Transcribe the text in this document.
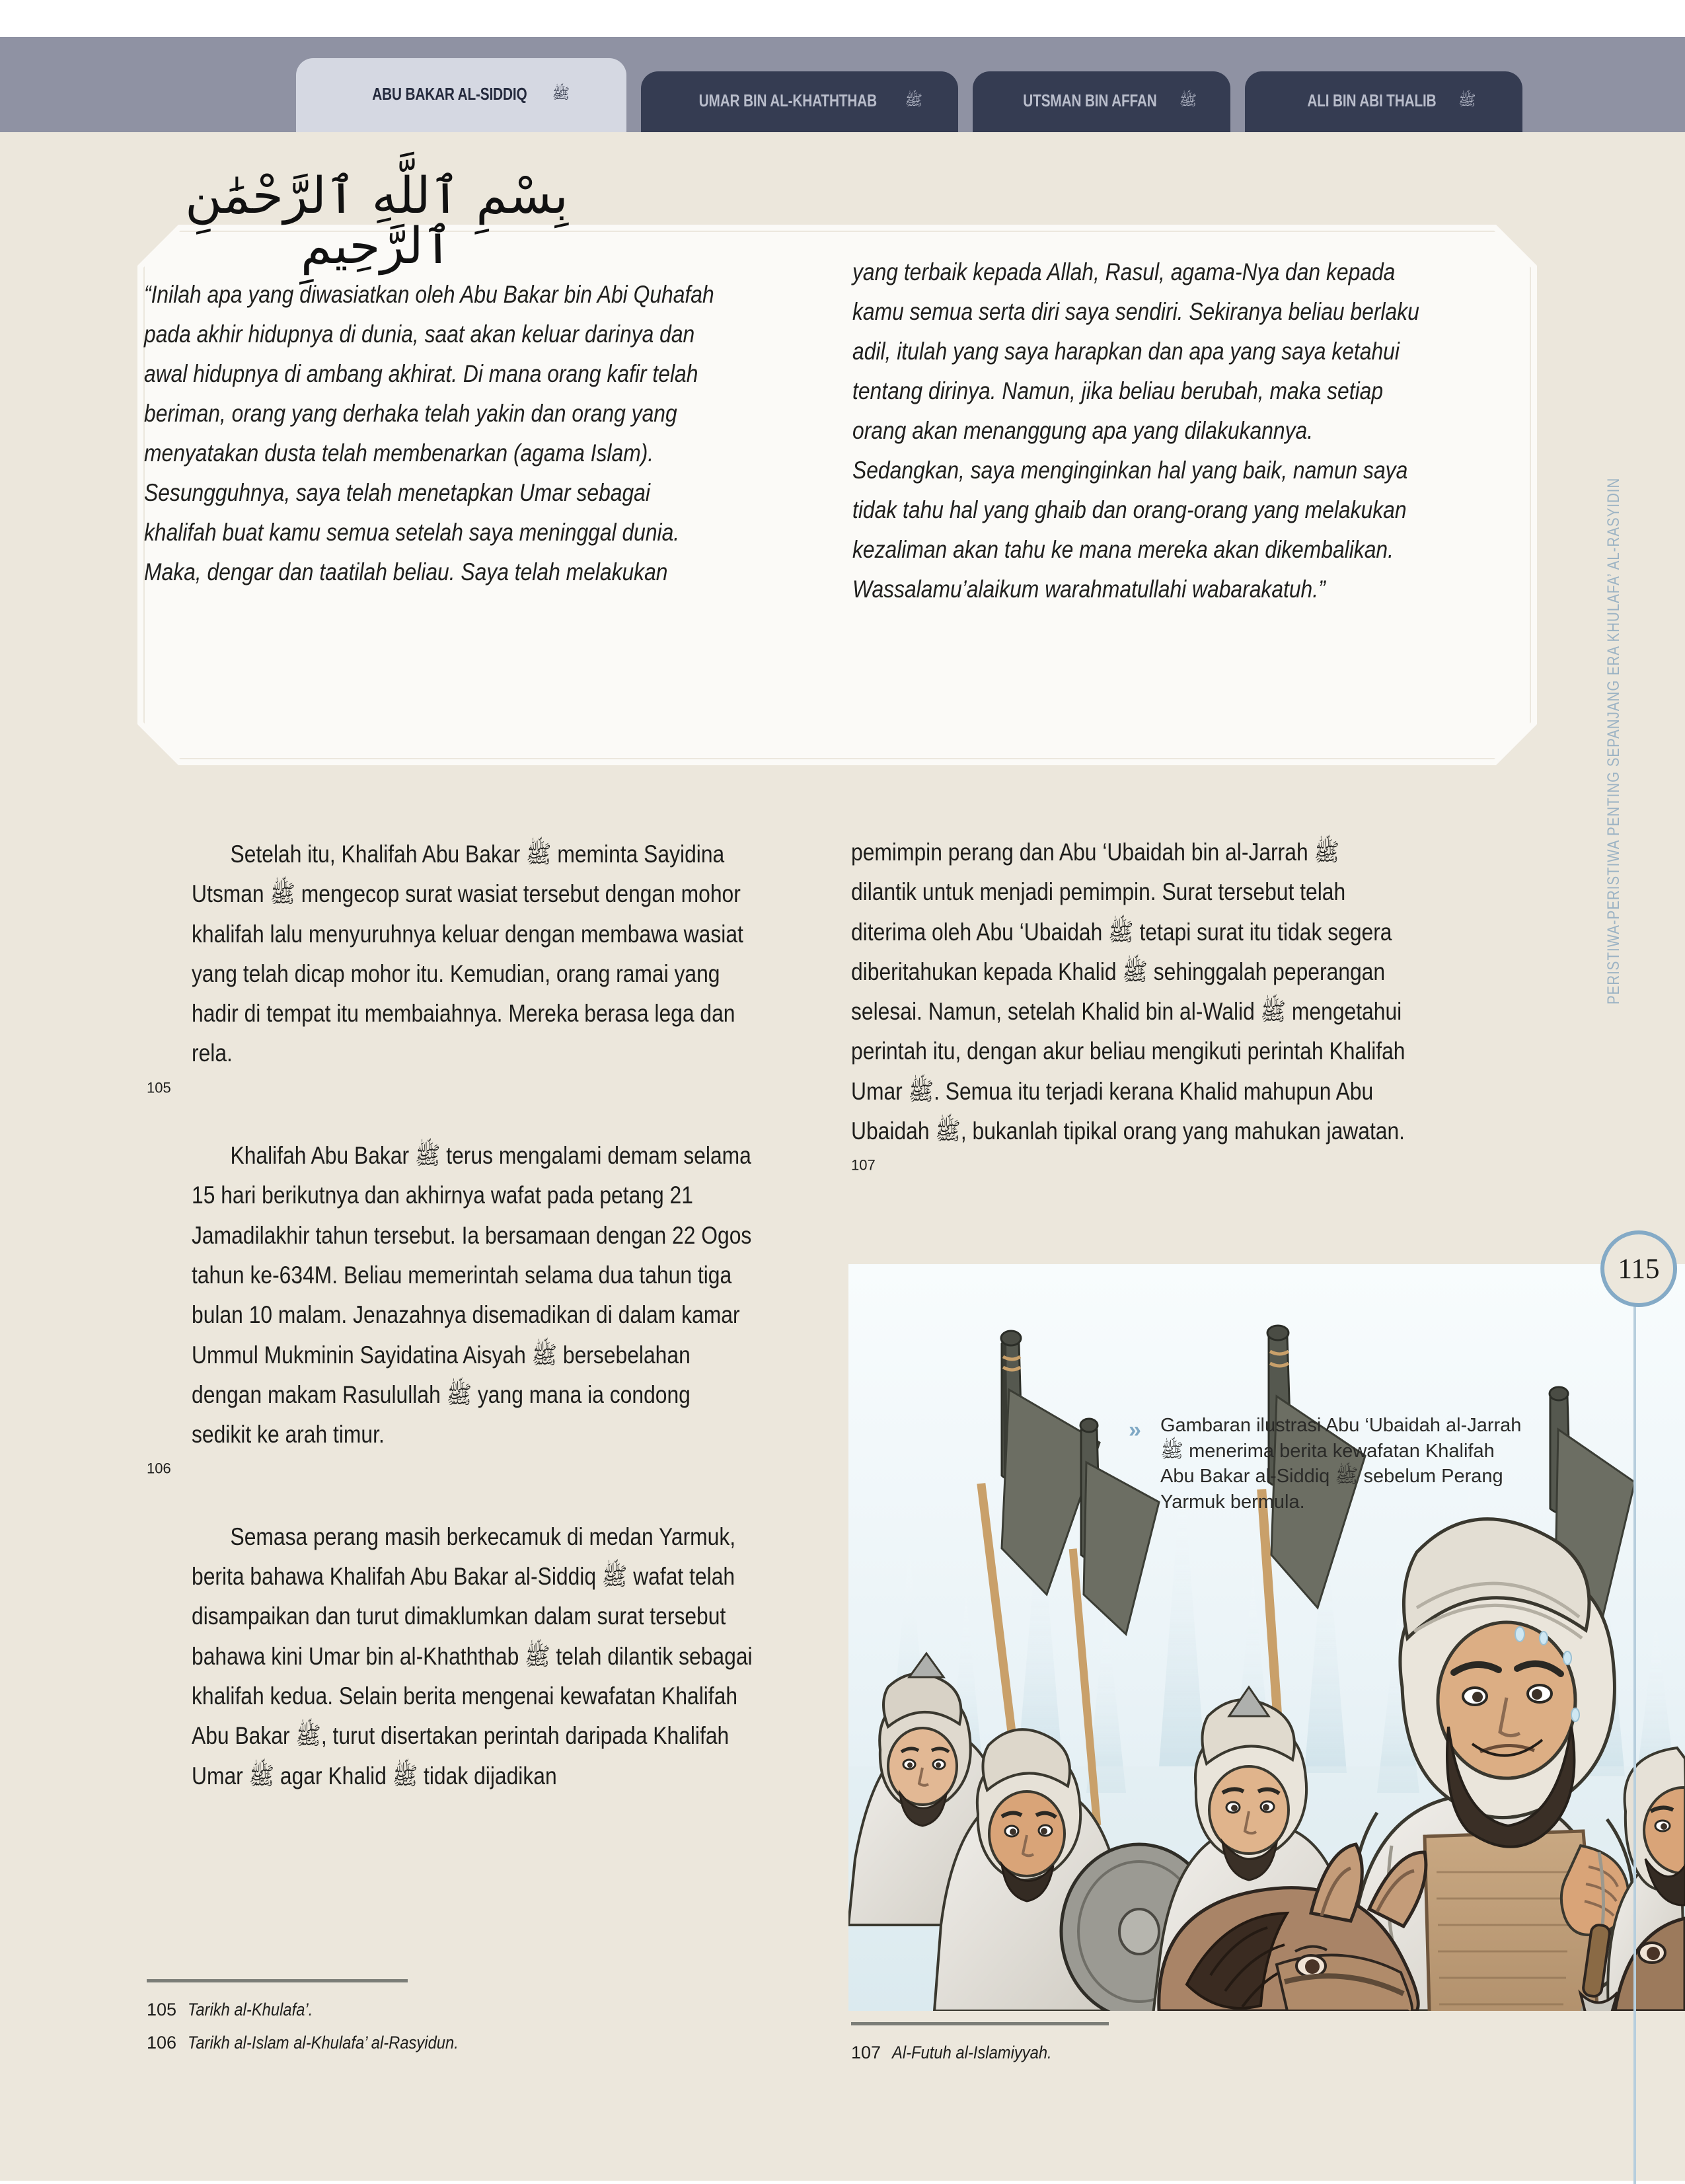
ABU BAKAR AL-SIDDIQ ﷺ	UMAR BIN AL-KHATHTHAB ﷺ	UTSMAN BIN AFFAN ﷺ	ALI BIN ABI THALIB ﷺ
بِسْمِ ٱللَّهِ ٱلرَّحْمَٰنِ ٱلرَّحِيمِ
“Inilah apa yang diwasiatkan oleh Abu Bakar bin Abi Quhafah pada akhir hidupnya di dunia, saat akan keluar darinya dan awal hidupnya di ambang akhirat. Di mana orang kafir telah beriman, orang yang derhaka telah yakin dan orang yang menyatakan dusta telah membenarkan (agama Islam). Sesungguhnya, saya telah menetapkan Umar sebagai khalifah buat kamu semua setelah saya meninggal dunia. Maka, dengar dan taatilah beliau. Saya telah melakukan
yang terbaik kepada Allah, Rasul, agama-Nya dan kepada kamu semua serta diri saya sendiri. Sekiranya beliau berlaku adil, itulah yang saya harapkan dan apa yang saya ketahui tentang dirinya. Namun, jika beliau berubah, maka setiap orang akan menanggung apa yang dilakukannya. Sedangkan, saya menginginkan hal yang baik, namun saya tidak tahu hal yang ghaib dan orang-orang yang melakukan kezaliman akan tahu ke mana mereka akan dikembalikan. Wassalamu’alaikum warahmatullahi wabarakatuh.”

Setelah itu, Khalifah Abu Bakar ﷺ meminta Sayidina Utsman ﷺ mengecop surat wasiat tersebut dengan mohor khalifah lalu menyuruhnya keluar dengan membawa wasiat yang telah dicap mohor itu. Kemudian, orang ramai yang hadir di tempat itu membaiahnya. Mereka berasa lega dan rela.$^{105}$

Khalifah Abu Bakar ﷺ terus mengalami demam selama 15 hari berikutnya dan akhirnya wafat pada petang 21 Jamadilakhir tahun tersebut. Ia bersamaan dengan 22 Ogos tahun ke-634M. Beliau memerintah selama dua tahun tiga bulan 10 malam. Jenazahnya disemadikan di dalam kamar Ummul Mukminin Sayidatina Aisyah ﷺ bersebelahan dengan makam Rasulullah ﷺ yang mana ia condong sedikit ke arah timur.$^{106}$

Semasa perang masih berkecamuk di medan Yarmuk, berita bahawa Khalifah Abu Bakar al-Siddiq ﷺ wafat telah disampaikan dan turut dimaklumkan dalam surat tersebut bahawa kini Umar bin al-Khaththab ﷺ telah dilantik sebagai khalifah kedua. Selain berita mengenai kewafatan Khalifah Abu Bakar ﷺ, turut disertakan perintah daripada Khalifah Umar ﷺ agar Khalid ﷺ tidak dijadikan

pemimpin perang dan Abu ‘Ubaidah bin al-Jarrah ﷺ dilantik untuk menjadi pemimpin. Surat tersebut telah diterima oleh Abu ‘Ubaidah ﷺ tetapi surat itu tidak segera diberitahukan kepada Khalid ﷺ sehinggalah peperangan selesai. Namun, setelah Khalid bin al-Walid ﷺ mengetahui perintah itu, dengan akur beliau mengikuti perintah Khalifah Umar ﷺ. Semua itu terjadi kerana Khalid mahupun Abu Ubaidah ﷺ, bukanlah tipikal orang yang mahukan jawatan.$^{107}$

105 Tarikh al-Khulafa’.
106 Tarikh al-Islam al-Khulafa’ al-Rasyidun.	107 Al-Futuh al-Islamiyyah.
» Gambaran ilustrasi Abu ‘Ubaidah al-Jarrah ﷺ menerima berita kewafatan Khalifah Abu Bakar al-Siddiq ﷺ sebelum Perang Yarmuk bermula.
PERISTIWA-PERISTIWA PENTING SEPANJANG ERA KHULAFA’ AL-RASYIDIN
115
